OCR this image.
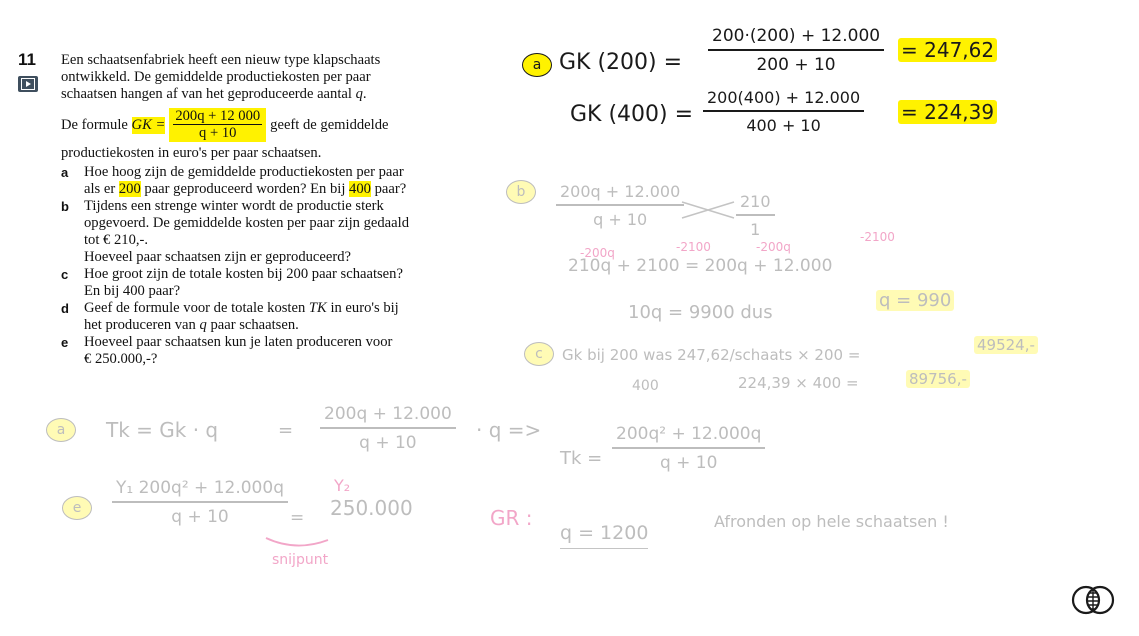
11 Een schaatsenfabriek heeft een nieuw type klapschaats
ontwikkeld. De gemiddelde productiekosten per paar
schaatsen hangen af van het geproduceerde aantal q.
De formule
GK = $\frac{200q + 12 000}{q + 10}$ geeft de gemiddelde
productiekosten in euro's per paar schaatsen.
a	Hoe hoog zijn de gemiddelde productiekosten per paar
als er 200 paar geproduceerd worden? En bij 400 paar?
b	Tijdens een strenge winter wordt de productie sterk
opgevoerd. De gemiddelde kosten per paar zijn gedaald
tot € 210,-.
Hoeveel paar schaatsen zijn er geproduceerd?
c	Hoe groot zijn de totale kosten bij 200 paar schaatsen?
En bij 400 paar?
d	Geef de formule voor de totale kosten TK in euro's bij
het produceren van q paar schaatsen.
e	Hoeveel paar schaatsen kun je laten produceren voor
€ 250.000,-?
a GK (200) =
200·(200) + 12.000
200 + 10
= 247,62
GK (400) =
200(400) + 12.000
400 + 10
= 224,39
b	200q + 12.000
q + 10
210
1
-200q	-2100	-200q
-2100
210q + 2100 = 200q + 12.000
10q = 9900 dus
q = 990
c	Gk bij 200 was 247,62/schaats × 200 =
49524,-
400	224,39 × 400 =	89756,-
a	Tk = Gk · q	=
200q + 12.000
q + 10
· q =>
Tk =
200q² + 12.000q
q + 10
e
Y₁ 200q² + 12.000q
q + 10	=
Y₂
250.000
snijpunt
GR :
q = 1200
Afronden op hele schaatsen !
